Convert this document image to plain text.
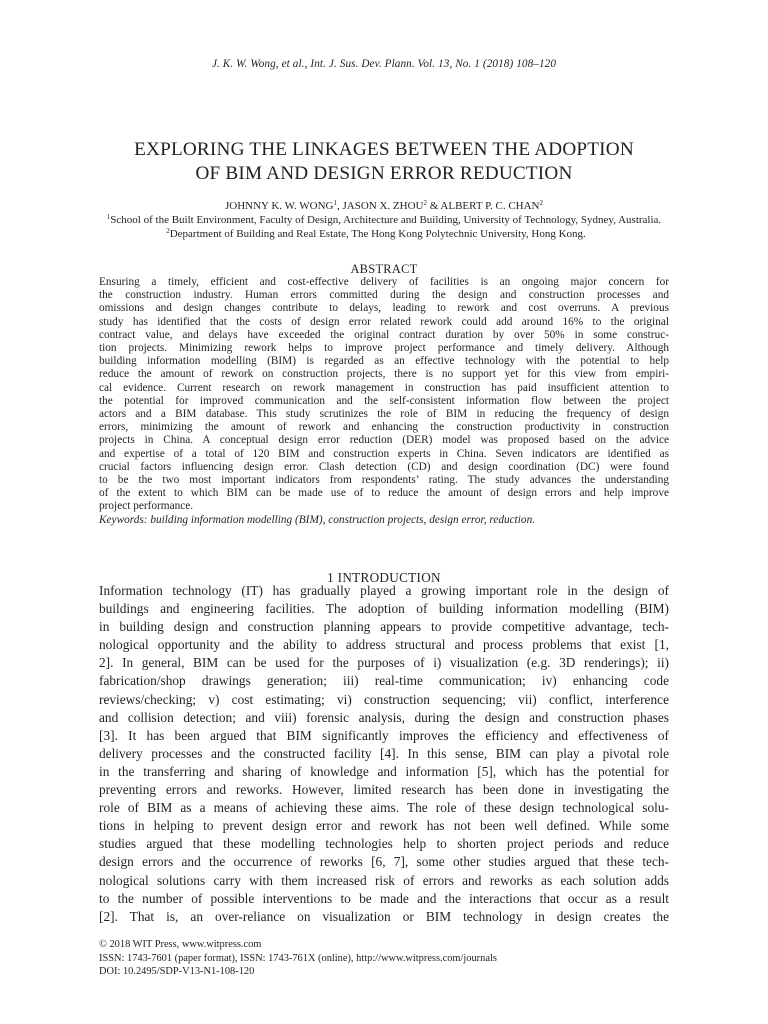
J. K. W. Wong, et al., Int. J. Sus. Dev. Plann. Vol. 13, No. 1 (2018) 108–120
EXPLORING THE LINKAGES BETWEEN THE ADOPTION
OF BIM AND DESIGN ERROR REDUCTION
JOHNNY K. W. WONG$^1$, JASON X. ZHOU$^2$ & ALBERT P. C. CHAN$^2$
$^1$School of the Built Environment, Faculty of Design, Architecture and Building, University of Technology, Sydney, Australia.
$^2$Department of Building and Real Estate, The Hong Kong Polytechnic University, Hong Kong.
ABSTRACT
Ensuring a timely, efficient and cost-effective delivery of facilities is an ongoing major concern for
the construction industry. Human errors committed during the design and construction processes and
omissions and design changes contribute to delays, leading to rework and cost overruns. A previous
study has identified that the costs of design error related rework could add around 16% to the original
contract value, and delays have exceeded the original contract duration by over 50% in some construc-
tion projects. Minimizing rework helps to improve project performance and timely delivery. Although
building information modelling (BIM) is regarded as an effective technology with the potential to help
reduce the amount of rework on construction projects, there is no support yet for this view from empiri-
cal evidence. Current research on rework management in construction has paid insufficient attention to
the potential for improved communication and the self-consistent information flow between the project
actors and a BIM database. This study scrutinizes the role of BIM in reducing the frequency of design
errors, minimizing the amount of rework and enhancing the construction productivity in construction
projects in China. A conceptual design error reduction (DER) model was proposed based on the advice
and expertise of a total of 120 BIM and construction experts in China. Seven indicators are identified as
crucial factors influencing design error. Clash detection (CD) and design coordination (DC) were found
to be the two most important indicators from respondents’ rating. The study advances the understanding
of the extent to which BIM can be made use of to reduce the amount of design errors and help improve
project performance.
Keywords: building information modelling (BIM), construction projects, design error, reduction.
1 INTRODUCTION
Information technology (IT) has gradually played a growing important role in the design of
buildings and engineering facilities. The adoption of building information modelling (BIM)
in building design and construction planning appears to provide competitive advantage, tech-
nological opportunity and the ability to address structural and process problems that exist [1,
2]. In general, BIM can be used for the purposes of i) visualization (e.g. 3D renderings); ii)
fabrication/shop drawings generation; iii) real-time communication; iv) enhancing code
reviews/checking; v) cost estimating; vi) construction sequencing; vii) conflict, interference
and collision detection; and viii) forensic analysis, during the design and construction phases
[3]. It has been argued that BIM significantly improves the efficiency and effectiveness of
delivery processes and the constructed facility [4]. In this sense, BIM can play a pivotal role
in the transferring and sharing of knowledge and information [5], which has the potential for
preventing errors and reworks. However, limited research has been done in investigating the
role of BIM as a means of achieving these aims. The role of these design technological solu-
tions in helping to prevent design error and rework has not been well defined. While some
studies argued that these modelling technologies help to shorten project periods and reduce
design errors and the occurrence of reworks [6, 7], some other studies argued that these tech-
nological solutions carry with them increased risk of errors and reworks as each solution adds
to the number of possible interventions to be made and the interactions that occur as a result
[2]. That is, an over-reliance on visualization or BIM technology in design creates the
© 2018 WIT Press, www.witpress.com
ISSN: 1743-7601 (paper format), ISSN: 1743-761X (online), http://www.witpress.com/journals
DOI: 10.2495/SDP-V13-N1-108-120
